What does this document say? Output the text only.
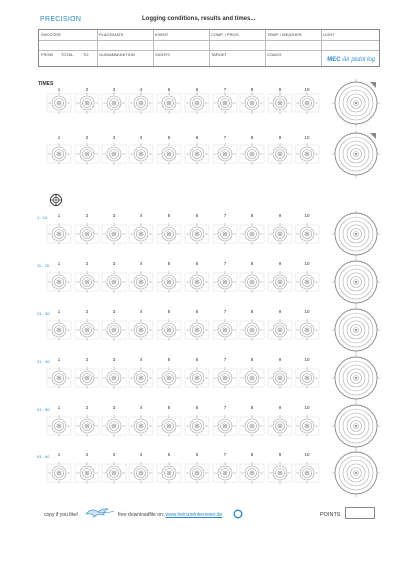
PRECISION	Logging conditions, results and times...
SHOOTER	PLACE/DATE	EVENT	COMP. / PROG.	TEMP. / WEATHER	LIGHT
FROM TOTAL TO	GUN/AMMUNITION	SIGHTS	TARGET	COACH
MEC Air pistol log
TIMES
1	2	3	4	5	6	7	8	9	10
1	2	3	4	5	6	7	8	9	10
1 - 10	1	2	3	4	5	6	7	8	9	10
11 - 20	1	2	3	4	5	6	7	8	9	10
21 - 30	1	2	3	4	5	6	7	8	9	10
31 - 40	1	2	3	4	5	6	7	8	9	10
41 - 50	1	2	3	4	5	6	7	8	9	10
51 - 60	1	2	3	4	5	6	7	8	9	10
copy if you like!	free downloadfile on: www.heinzreinkemeier.de	POINTS
